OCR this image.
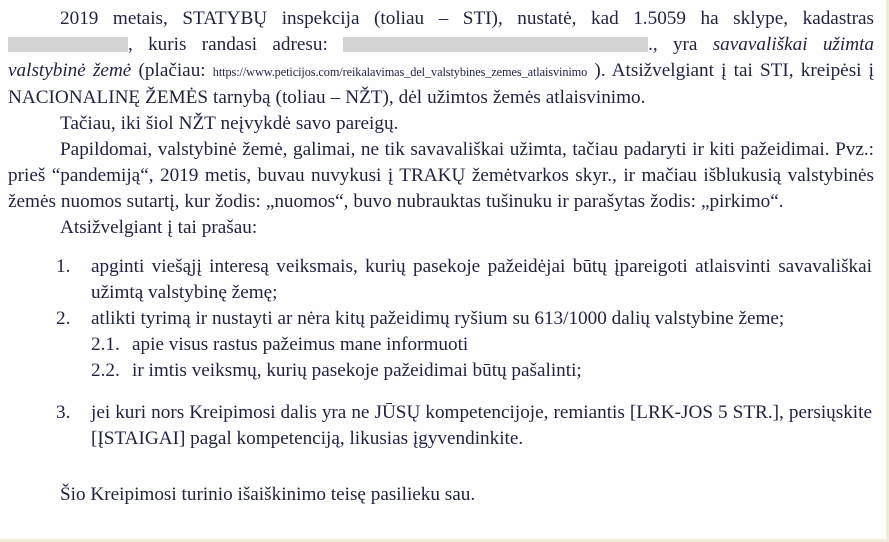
2019 metais, STATYBŲ inspekcija (toliau – STI), nustatė, kad 1.5059 ha sklype, kadastras , kuris randasi adresu:	., yra savavališkai užimta valstybinė žemė (plačiau: https://www.peticijos.com/reikalavimas_del_valstybines_zemes_atlaisvinimo ). Atsižvelgiant į tai STI, kreipėsi į NACIONALINĘ ŽEMĖS tarnybą (toliau – NŽT), dėl užimtos žemės atlaisvinimo.

Tačiau, iki šiol NŽT neįvykdė savo pareigų.

Papildomai, valstybinė žemė, galimai, ne tik savavališkai užimta, tačiau padaryti ir kiti pažeidimai. Pvz.: prieš “pandemiją“, 2019 metis, buvau nuvykusi į TRAKŲ žemėtvarkos skyr., ir mačiau išblukusią valstybinės žemės nuomos sutartį, kur žodis: „nuomos“, buvo nubrauktas tušinuku ir parašytas žodis: „pirkimo“.

Atsižvelgiant į tai prašau:

1.	apginti viešąjį interesą veiksmais, kurių pasekoje pažeidėjai būtų įpareigoti atlaisvinti savavališkai užimtą valstybinę žemę;
2.	atlikti tyrimą ir nustayti ar nėra kitų pažeidimų ryšium su 613/1000 dalių valstybine žeme;
2.1. apie visus rastus pažeimus mane informuoti
2.2. ir imtis veiksmų, kurių pasekoje pažeidimai būtų pašalinti;
3.	jei kuri nors Kreipimosi dalis yra ne JŪSŲ kompetencijoje, remiantis [LRK-JOS 5 STR.], persiųskite [ĮSTAIGAI] pagal kompetenciją, likusias įgyvendinkite.

Šio Kreipimosi turinio išaiškinimo teisę pasilieku sau.
